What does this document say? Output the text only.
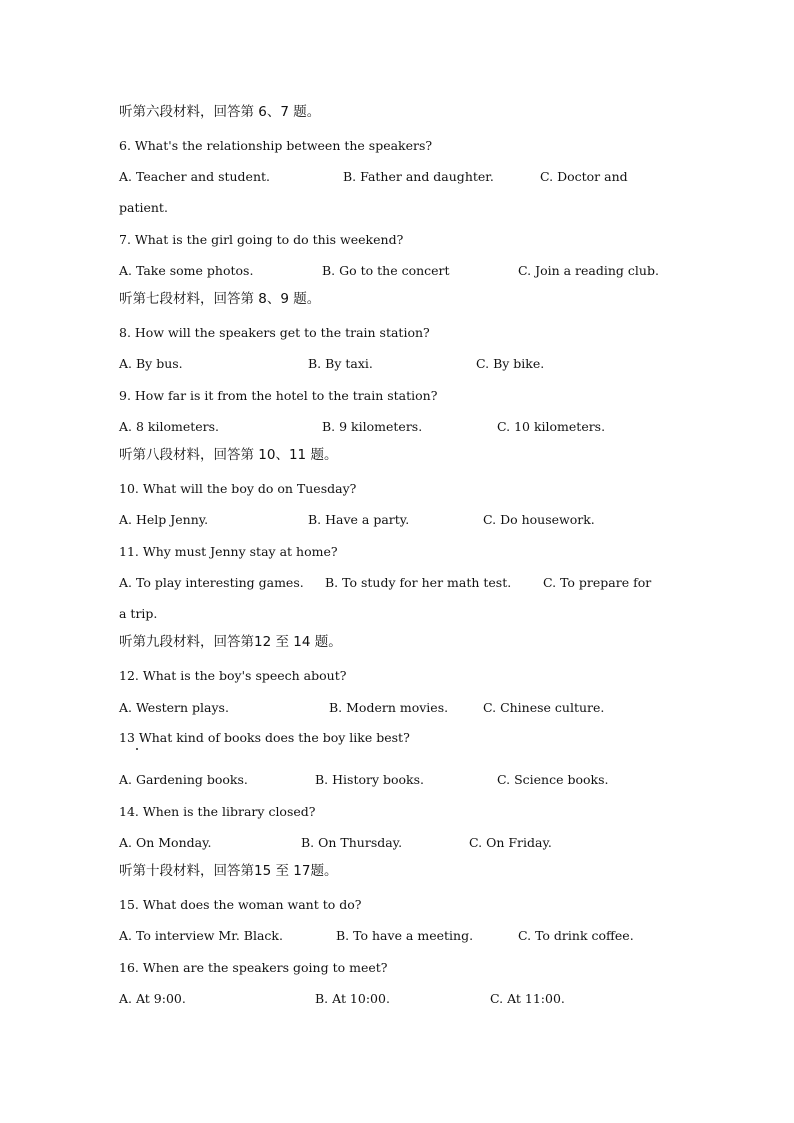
听第六段材料，回答第 6、7 题。
6. What's the relationship between the speakers?
A. Teacher and student.	B. Father and daughter.	C. Doctor and
patient.
7. What is the girl going to do this weekend?
A. Take some photos.	B. Go to the concert	C. Join a reading club.
听第七段材料，回答第 8、9 题。
8. How will the speakers get to the train station?
A. By bus.	B. By taxi.	C. By bike.
9. How far is it from the hotel to the train station?
A. 8 kilometers.	B. 9 kilometers.	C. 10 kilometers.
听第八段材料，回答第 10、11 题。
10. What will the boy do on Tuesday?
A. Help Jenny.	B. Have a party.	C. Do housework.
11. Why must Jenny stay at home?
A. To play interesting games. B. To study for her math test.	C. To prepare for
a trip.
听第九段材料，回答第12 至 14 题。
12. What is the boy's speech about?
A. Western plays.	B. Modern movies.	C. Chinese culture.
13 What kind of books does the boy like best?
A. Gardening books.	B. History books.	C. Science books.
14. When is the library closed?
A. On Monday.	B. On Thursday.	C. On Friday.
听第十段材料，回答第15 至 17题。
15. What does the woman want to do?
A. To interview Mr. Black.	B. To have a meeting.	C. To drink coffee.
16. When are the speakers going to meet?
A. At 9:00.	B. At 10:00.	C. At 11:00.
